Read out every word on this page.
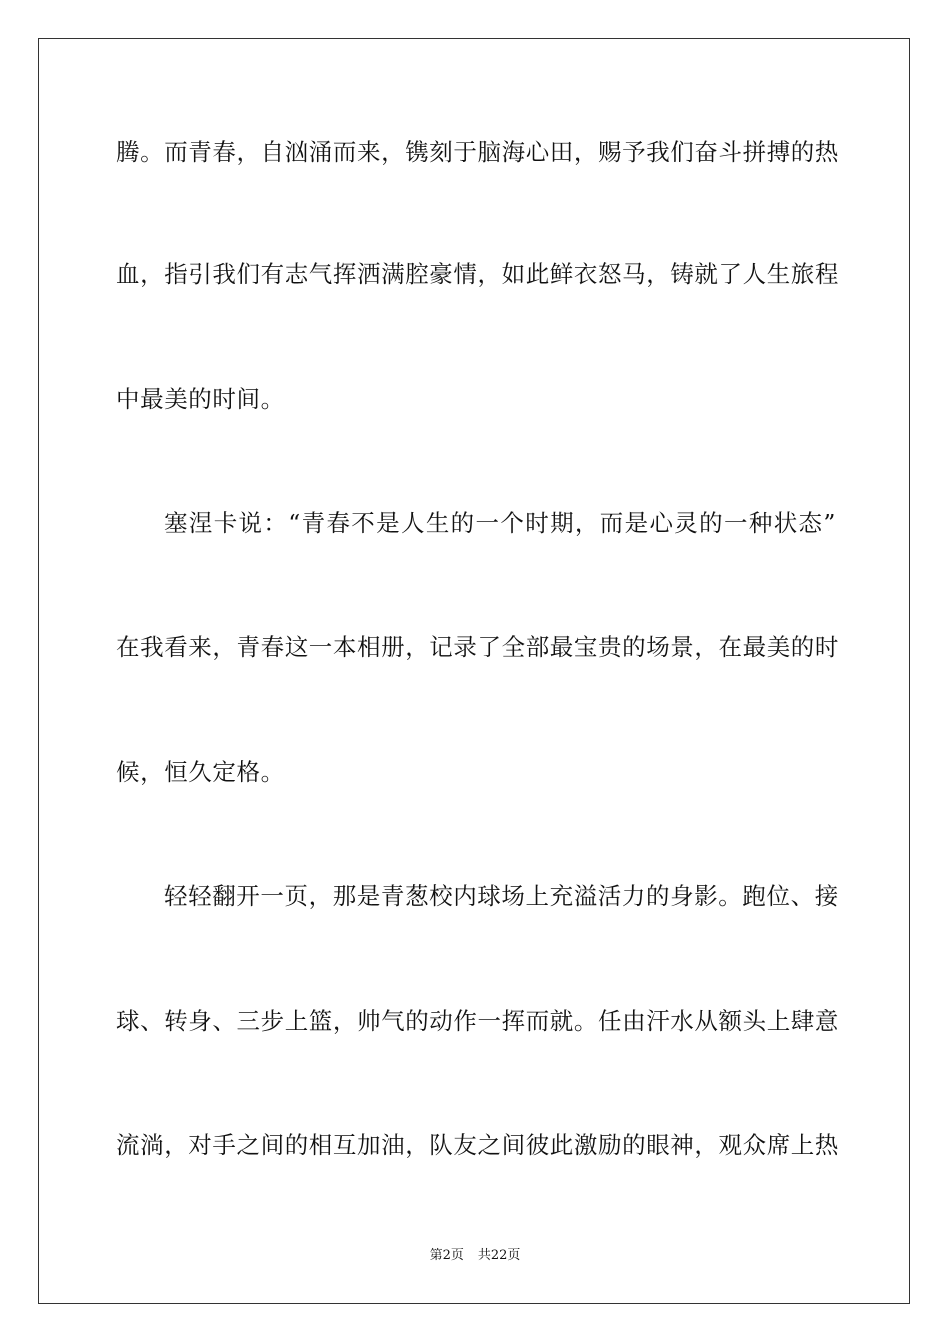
腾。而青春，自汹涌而来，镌刻于脑海心田，赐予我们奋斗拼搏的热
血，指引我们有志气挥洒满腔豪情，如此鲜衣怒马，铸就了人生旅程
中最美的时间。
塞涅卡说：“青春不是人生的一个时期，而是心灵的一种状态”
在我看来，青春这一本相册，记录了全部最宝贵的场景，在最美的时
候，恒久定格。
轻轻翻开一页，那是青葱校内球场上充溢活力的身影。跑位、接
球、转身、三步上篮，帅气的动作一挥而就。任由汗水从额头上肆意
流淌，对手之间的相互加油，队友之间彼此激励的眼神，观众席上热
第2页 共22页
